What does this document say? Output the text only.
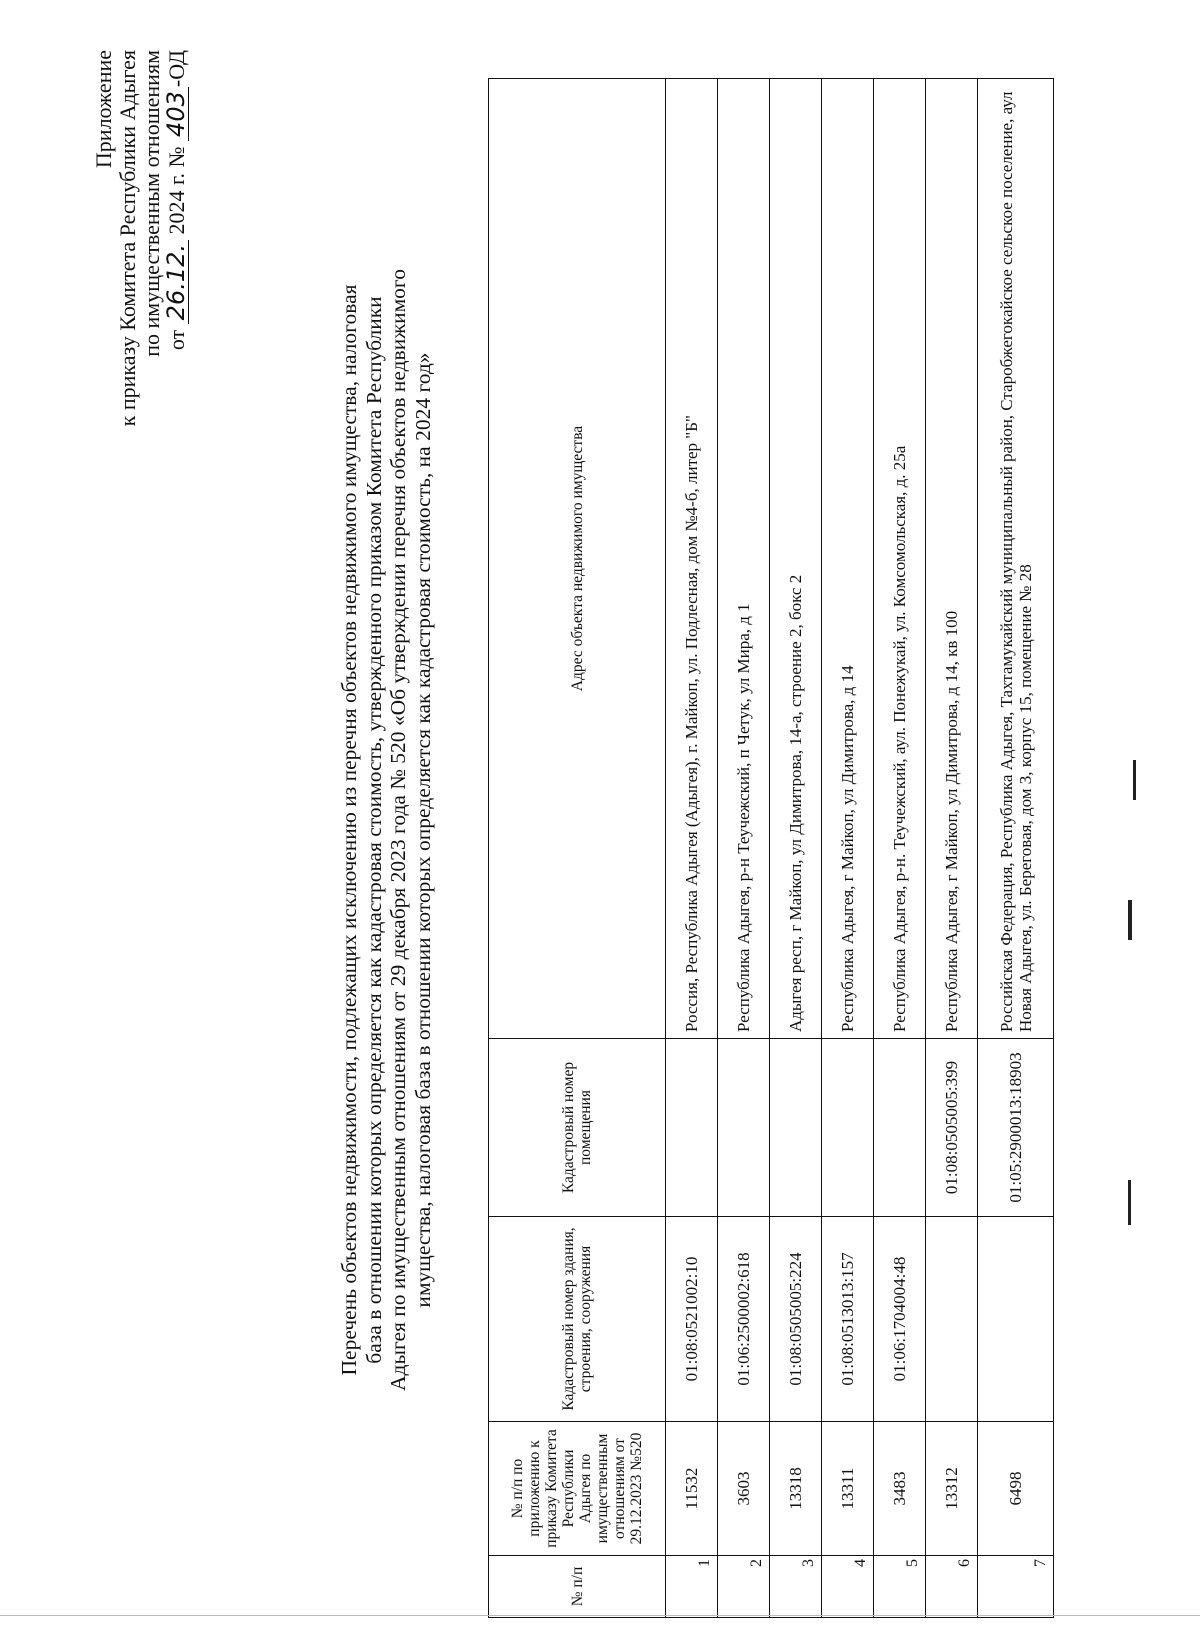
Приложение к приказу Комитета Республики Адыгея по имущественным отношениям от 26.12. 2024 г. № 403-ОД
Перечень объектов недвижимости, подлежащих исключению из перечня объектов недвижимого имущества, налоговая база в отношении которых определяется как кадастровая стоимость, утвержденного приказом Комитета Республики Адыгея по имущественным отношениям от 29 декабря 2023 года № 520 «Об утверждении перечня объектов недвижимого имущества, налоговая база в отношении которых определяется как кадастровая стоимость, на 2024 год»
№ п/п	№ п/п по приложению к приказу Комитета Республики Адыгея по имущественным отношениям от 29.12.2023 №520	Кадастровый номер здания, строения, сооружения	Кадастровый номер помещения	Адрес объекта недвижимого имущества
1	11532	01:08:0521002:10		Россия, Республика Адыгея (Адыгея), г. Майкоп, ул. Подлесная, дом №4-б, литер "Б"
2	3603	01:06:2500002:618		Республика Адыгея, р-н Теучежский, п Четук, ул Мира, д 1
3	13318	01:08:0505005:224		Адыгея респ, г Майкоп, ул Димитрова, 14-а, строение 2, бокс 2
4	13311	01:08:0513013:157		Республика Адыгея, г Майкоп, ул Димитрова, д 14
5	3483	01:06:1704004:48		Республика Адыгея, р-н. Теучежский, аул. Понежукай, ул. Комсомольская, д. 25а
6	13312		01:08:0505005:399	Республика Адыгея, г Майкоп, ул Димитрова, д 14, кв 100
7	6498		01:05:2900013:18903	Российская Федерация, Республика Адыгея, Тахтамукайский муниципальный район, Старобжегокайское сельское поселение, аул Новая Адыгея, ул. Береговая, дом 3, корпус 15, помещение № 28
